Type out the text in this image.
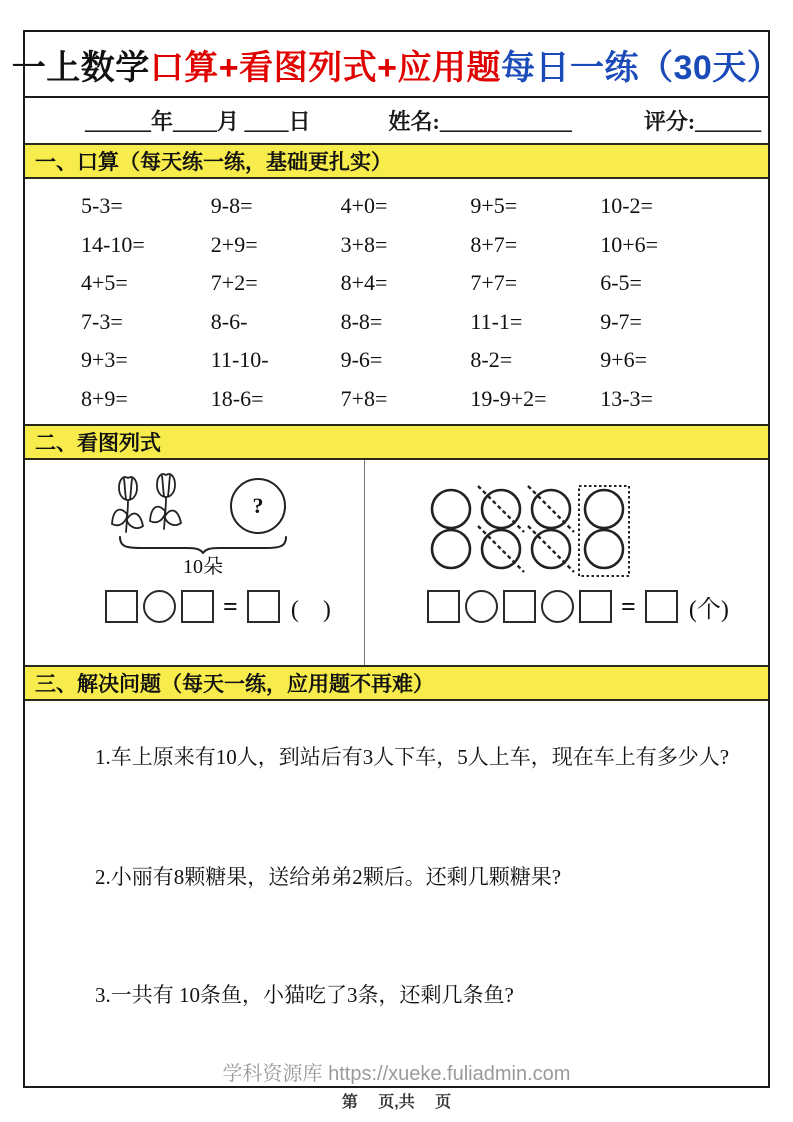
一上数学 口算+看图列式+应用题 每日一练（30天）
______年____月 ____日	姓名:____________	评分:______
一、口算（每天练一练，基础更扎实）
5-3=	9-8=	4+0=	9+5=	10-2=
14-10=	2+9=	3+8=	8+7=	10+6=
4+5=	7+2=	8+4=	7+7=	6-5=
7-3=	8-6-	8-8=	11-1=	9-7=
9+3=	11-10-	9-6=	8-2=	9+6=
8+9=	18-6=	7+8=	19-9+2=	13-3=
二、看图列式
?
10朵
= (　)	= (个)
三、解决问题（每天一练，应用题不再难）
1.车上原来有10人，到站后有3人下车，5人上车，现在车上有多少人?
2.小丽有8颗糖果，送给弟弟2颗后。还剩几颗糖果?
3.一共有 10条鱼，小猫吃了3条，还剩几条鱼?
学科资源库 https://xueke.fuliadmin.com
第　 页,共　 页
